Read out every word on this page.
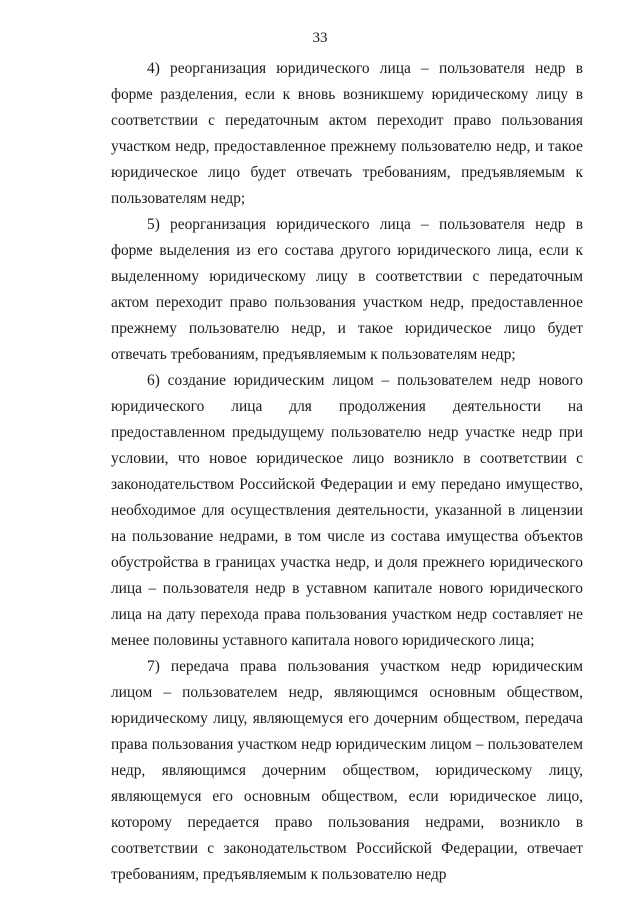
33

4) реорганизация юридического лица – пользователя недр в форме разделения, если к вновь возникшему юридическому лицу в соответствии с передаточным актом переходит право пользования участком недр, предоставленное прежнему пользователю недр, и такое юридическое лицо будет отвечать требованиям, предъявляемым к пользователям недр;

5) реорганизация юридического лица – пользователя недр в форме выделения из его состава другого юридического лица, если к выделенному юридическому лицу в соответствии с передаточным актом переходит право пользования участком недр, предоставленное прежнему пользователю недр, и такое юридическое лицо будет отвечать требованиям, предъявляемым к пользователям недр;

6) создание юридическим лицом – пользователем недр нового юридического лица для продолжения деятельности на предоставленном предыдущему пользователю недр участке недр при условии, что новое юридическое лицо возникло в соответствии с законодательством Российской Федерации и ему передано имущество, необходимое для осуществления деятельности, указанной в лицензии на пользование недрами, в том числе из состава имущества объектов обустройства в границах участка недр, и доля прежнего юридического лица – пользователя недр в уставном капитале нового юридического лица на дату перехода права пользования участком недр составляет не менее половины уставного капитала нового юридического лица;

7) передача права пользования участком недр юридическим лицом – пользователем недр, являющимся основным обществом, юридическому лицу, являющемуся его дочерним обществом, передача права пользования участком недр юридическим лицом – пользователем недр, являющимся дочерним обществом, юридическому лицу, являющемуся его основным обществом, если юридическое лицо, которому передается право пользования недрами, возникло в соответствии с законодательством Российской Федерации, отвечает требованиям, предъявляемым к пользователю недр
